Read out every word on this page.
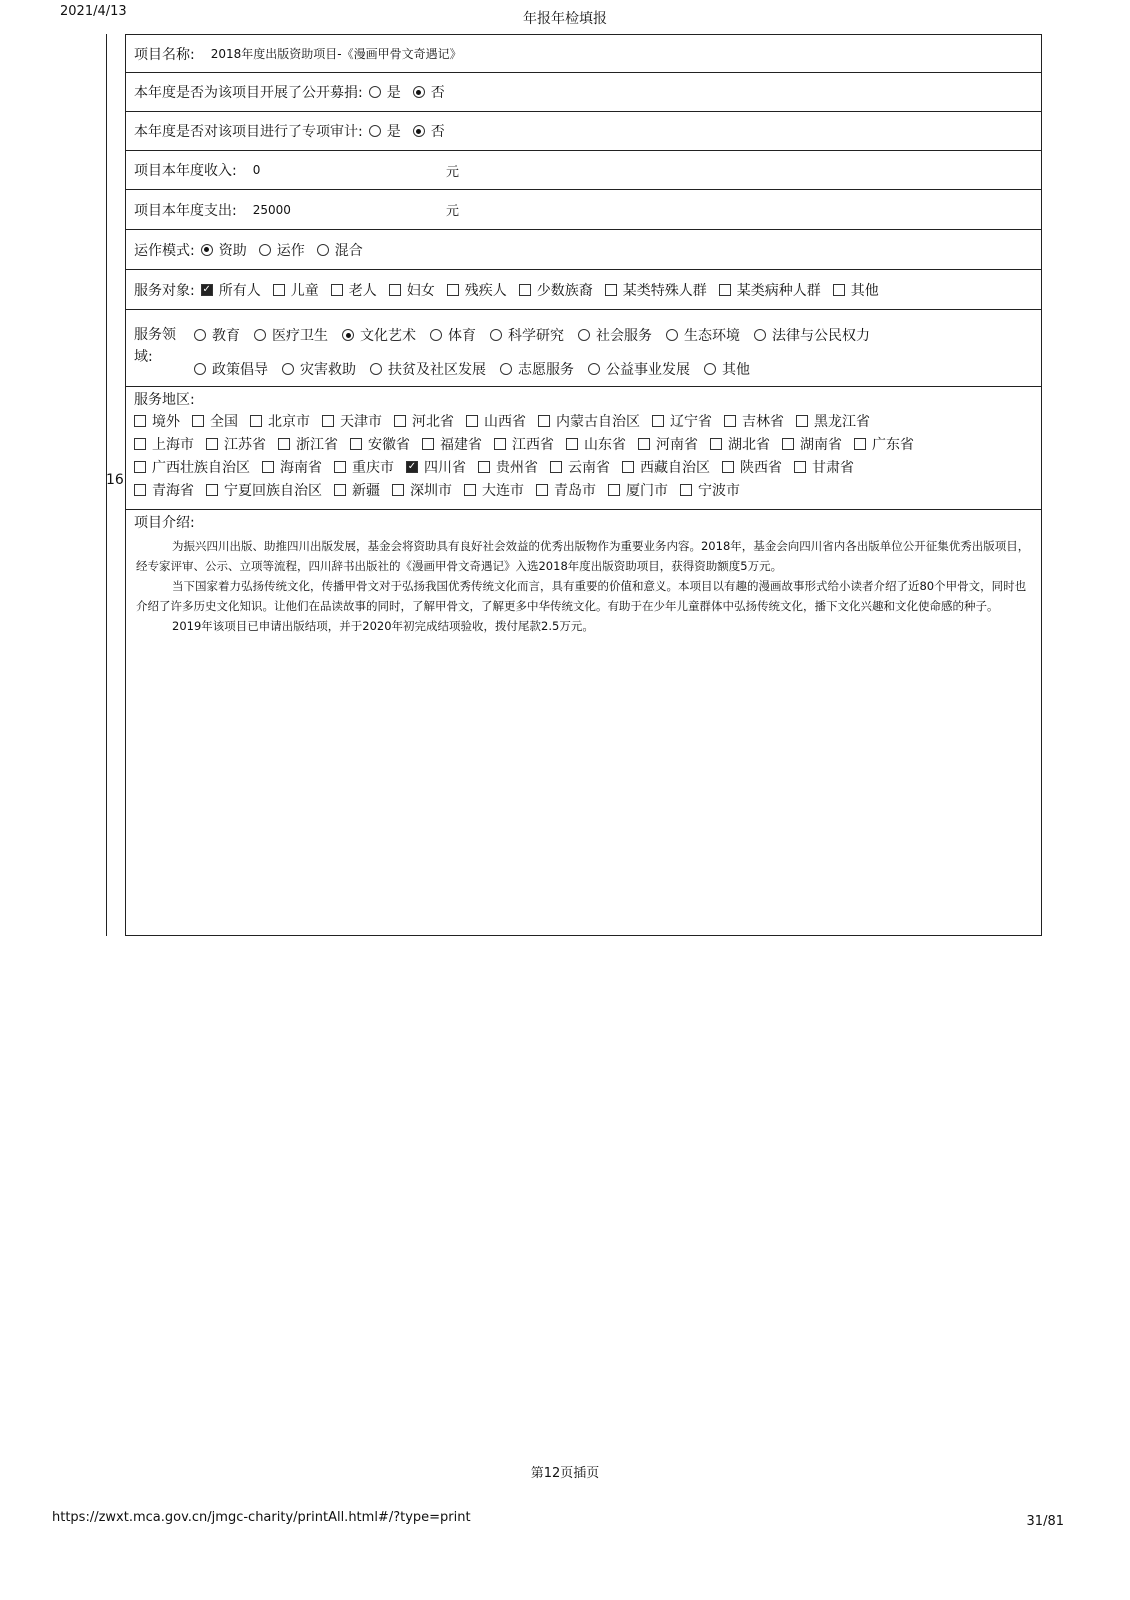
2021/4/13	年报年检填报
16
项目名称: 2018年度出版资助项目-《漫画甲骨文奇遇记》
本年度是否为该项目开展了公开募捐: 是 否
本年度是否对该项目进行了专项审计: 是 否
项目本年度收入: 0	元
项目本年度支出: 25000	元
运作模式: 资助 运作 混合
服务对象: ✓ 所有人 儿童 老人 妇女 残疾人 少数族裔 某类特殊人群 某类病种人群 其他
服务领
域:
教育 医疗卫生 文化艺术 体育 科学研究 社会服务 生态环境 法律与公民权力
政策倡导 灾害救助 扶贫及社区发展 志愿服务 公益事业发展 其他
服务地区:
境外 全国 北京市 天津市 河北省 山西省 内蒙古自治区 辽宁省 吉林省 黑龙江省
上海市 江苏省 浙江省 安徽省 福建省 江西省 山东省 河南省 湖北省 湖南省 广东省
广西壮族自治区 海南省 重庆市 ✓ 四川省 贵州省 云南省 西藏自治区 陕西省 甘肃省
青海省 宁夏回族自治区 新疆 深圳市 大连市 青岛市 厦门市 宁波市
项目介绍:

为振兴四川出版、助推四川出版发展，基金会将资助具有良好社会效益的优秀出版物作为重要业务内容。2018年，基金会向四川省内各出版单位公开征集优秀出版项目，经专家评审、公示、立项等流程，四川辞书出版社的《漫画甲骨文奇遇记》入选2018年度出版资助项目，获得资助额度5万元。

当下国家着力弘扬传统文化，传播甲骨文对于弘扬我国优秀传统文化而言，具有重要的价值和意义。本项目以有趣的漫画故事形式给小读者介绍了近80个甲骨文，同时也介绍了许多历史文化知识。让他们在品读故事的同时，了解甲骨文，了解更多中华传统文化。有助于在少年儿童群体中弘扬传统文化，播下文化兴趣和文化使命感的种子。

2019年该项目已申请出版结项，并于2020年初完成结项验收，拨付尾款2.5万元。

第12页插页
https://zwxt.mca.gov.cn/jmgc-charity/printAll.html#/?type=print	31/81
